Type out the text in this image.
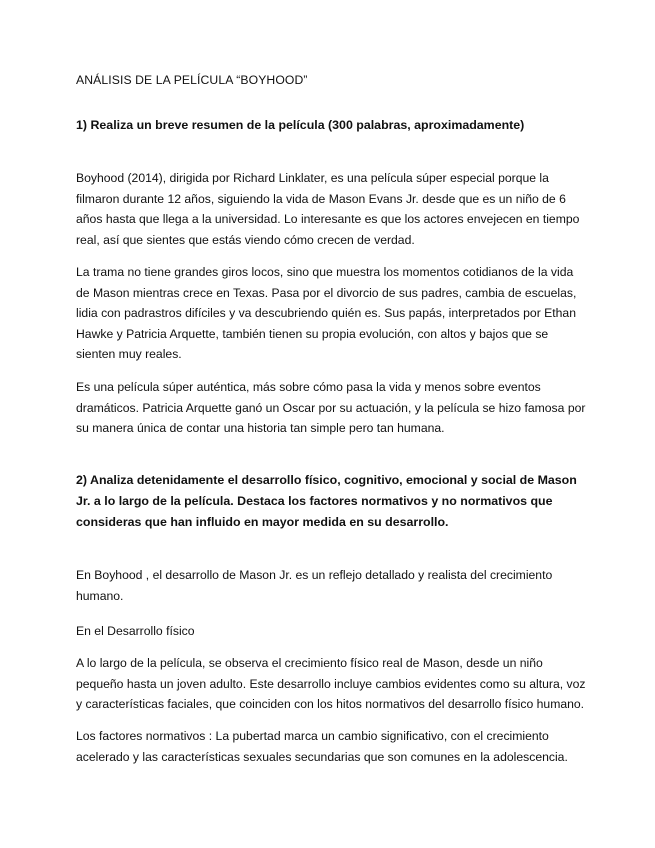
ANÁLISIS DE LA PELÍCULA “BOYHOOD”

1) Realiza un breve resumen de la película (300 palabras, aproximadamente)

Boyhood (2014), dirigida por Richard Linklater, es una película súper especial porque la filmaron durante 12 años, siguiendo la vida de Mason Evans Jr. desde que es un niño de 6 años hasta que llega a la universidad. Lo interesante es que los actores envejecen en tiempo real, así que sientes que estás viendo cómo crecen de verdad.

La trama no tiene grandes giros locos, sino que muestra los momentos cotidianos de la vida de Mason mientras crece en Texas. Pasa por el divorcio de sus padres, cambia de escuelas, lidia con padrastros difíciles y va descubriendo quién es. Sus papás, interpretados por Ethan Hawke y Patricia Arquette, también tienen su propia evolución, con altos y bajos que se sienten muy reales.

Es una película súper auténtica, más sobre cómo pasa la vida y menos sobre eventos dramáticos. Patricia Arquette ganó un Oscar por su actuación, y la película se hizo famosa por su manera única de contar una historia tan simple pero tan humana.

2) Analiza detenidamente el desarrollo físico, cognitivo, emocional y social de Mason Jr. a lo largo de la película. Destaca los factores normativos y no normativos que consideras que han influido en mayor medida en su desarrollo.

En Boyhood , el desarrollo de Mason Jr. es un reflejo detallado y realista del crecimiento humano.

En el Desarrollo físico

A lo largo de la película, se observa el crecimiento físico real de Mason, desde un niño pequeño hasta un joven adulto. Este desarrollo incluye cambios evidentes como su altura, voz y características faciales, que coinciden con los hitos normativos del desarrollo físico humano.

Los factores normativos : La pubertad marca un cambio significativo, con el crecimiento acelerado y las características sexuales secundarias que son comunes en la adolescencia.
